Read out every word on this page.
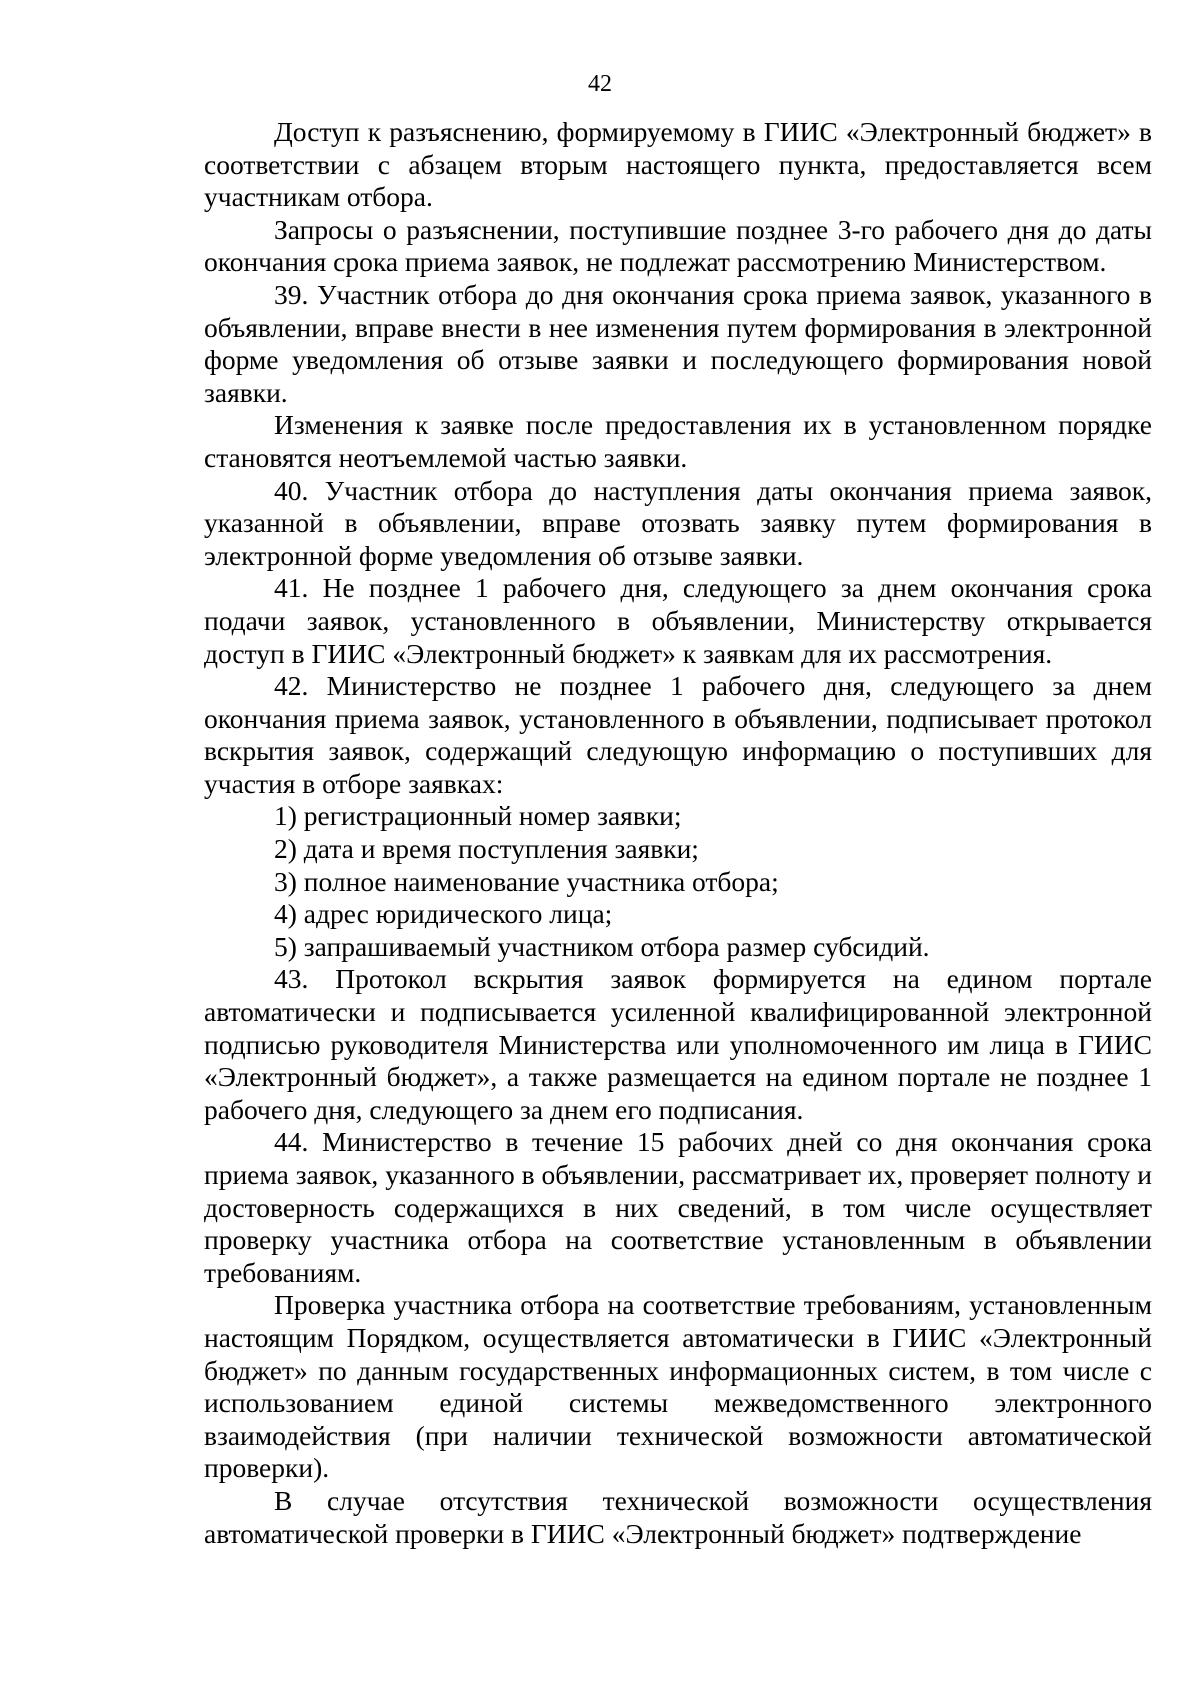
42

Доступ к разъяснению, формируемому в ГИИС «Электронный бюджет» в соответствии с абзацем вторым настоящего пункта, предоставляется всем участникам отбора.

Запросы о разъяснении, поступившие позднее 3-го рабочего дня до даты окончания срока приема заявок, не подлежат рассмотрению Министерством.

39. Участник отбора до дня окончания срока приема заявок, указанного в объявлении, вправе внести в нее изменения путем формирования в электронной форме уведомления об отзыве заявки и последующего формирования новой заявки.

Изменения к заявке после предоставления их в установленном порядке становятся неотъемлемой частью заявки.

40. Участник отбора до наступления даты окончания приема заявок, указанной в объявлении, вправе отозвать заявку путем формирования в электронной форме уведомления об отзыве заявки.

41. Не позднее 1 рабочего дня, следующего за днем окончания срока подачи заявок, установленного в объявлении, Министерству открывается доступ в ГИИС «Электронный бюджет» к заявкам для их рассмотрения.

42. Министерство не позднее 1 рабочего дня, следующего за днем окончания приема заявок, установленного в объявлении, подписывает протокол вскрытия заявок, содержащий следующую информацию о поступивших для участия в отборе заявках:

1) регистрационный номер заявки;

2) дата и время поступления заявки;

3) полное наименование участника отбора;

4) адрес юридического лица;

5) запрашиваемый участником отбора размер субсидий.

43. Протокол вскрытия заявок формируется на едином портале автоматически и подписывается усиленной квалифицированной электронной подписью руководителя Министерства или уполномоченного им лица в ГИИС «Электронный бюджет», а также размещается на едином портале не позднее 1 рабочего дня, следующего за днем его подписания.

44. Министерство в течение 15 рабочих дней со дня окончания срока приема заявок, указанного в объявлении, рассматривает их, проверяет полноту и достоверность содержащихся в них сведений, в том числе осуществляет проверку участника отбора на соответствие установленным в объявлении требованиям.

Проверка участника отбора на соответствие требованиям, установленным настоящим Порядком, осуществляется автоматически в ГИИС «Электронный бюджет» по данным государственных информационных систем, в том числе с использованием единой системы межведомственного электронного взаимодействия (при наличии технической возможности автоматической проверки).

В случае отсутствия технической возможности осуществления автоматической проверки в ГИИС «Электронный бюджет» подтверждение
